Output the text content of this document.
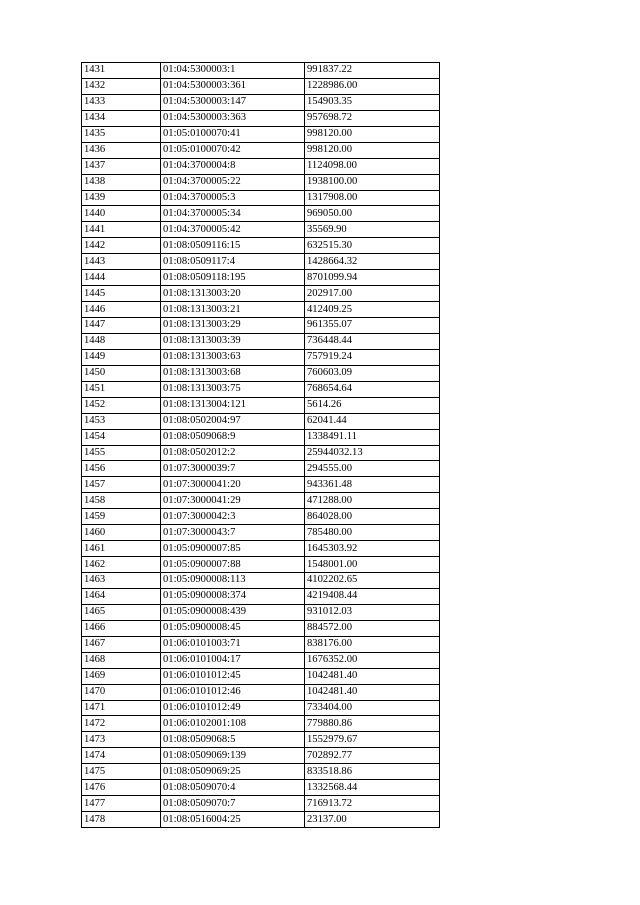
1431	01:04:5300003:1	991837.22
1432	01:04:5300003:361	1228986.00
1433	01:04:5300003:147	154903.35
1434	01:04:5300003:363	957698.72
1435	01:05:0100070:41	998120.00
1436	01:05:0100070:42	998120.00
1437	01:04:3700004:8	1124098.00
1438	01:04:3700005:22	1938100.00
1439	01:04:3700005:3	1317908.00
1440	01:04:3700005:34	969050.00
1441	01:04:3700005:42	35569.90
1442	01:08:0509116:15	632515.30
1443	01:08:0509117:4	1428664.32
1444	01:08:0509118:195	8701099.94
1445	01:08:1313003:20	202917.00
1446	01:08:1313003:21	412409.25
1447	01:08:1313003:29	961355.07
1448	01:08:1313003:39	736448.44
1449	01:08:1313003:63	757919.24
1450	01:08:1313003:68	760603.09
1451	01:08:1313003:75	768654.64
1452	01:08:1313004:121	5614.26
1453	01:08:0502004:97	62041.44
1454	01:08:0509068:9	1338491.11
1455	01:08:0502012:2	25944032.13
1456	01:07:3000039:7	294555.00
1457	01:07:3000041:20	943361.48
1458	01:07:3000041:29	471288.00
1459	01:07:3000042:3	864028.00
1460	01:07:3000043:7	785480.00
1461	01:05:0900007:85	1645303.92
1462	01:05:0900007:88	1548001.00
1463	01:05:0900008:113	4102202.65
1464	01:05:0900008:374	4219408.44
1465	01:05:0900008:439	931012.03
1466	01:05:0900008:45	884572.00
1467	01:06:0101003:71	838176.00
1468	01:06:0101004:17	1676352.00
1469	01:06:0101012:45	1042481.40
1470	01:06:0101012:46	1042481.40
1471	01:06:0101012:49	733404.00
1472	01:06:0102001:108	779880.86
1473	01:08:0509068:5	1552979.67
1474	01:08:0509069:139	702892.77
1475	01:08:0509069:25	833518.86
1476	01:08:0509070:4	1332568.44
1477	01:08:0509070:7	716913.72
1478	01:08:0516004:25	23137.00
